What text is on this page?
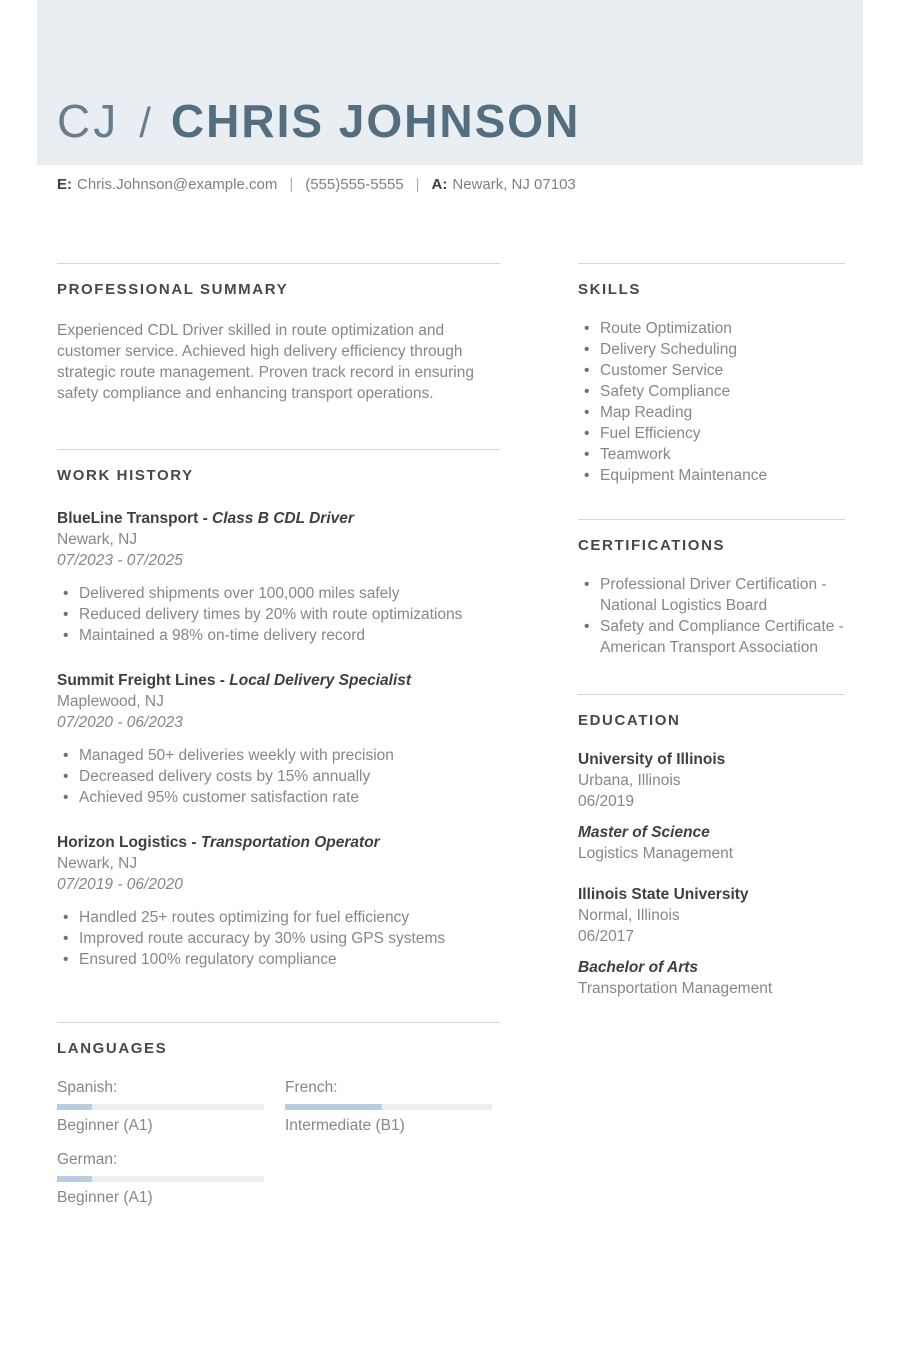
CJ / CHRIS JOHNSON
E: Chris.Johnson@example.com | (555)555-5555 | A: Newark, NJ 07103
PROFESSIONAL SUMMARY

Experienced CDL Driver skilled in route optimization and customer service. Achieved high delivery efficiency through strategic route management. Proven track record in ensuring safety compliance and enhancing transport operations.

WORK HISTORY
BlueLine Transport - Class B CDL Driver
Newark, NJ
07/2023 - 07/2025
• Delivered shipments over 100,000 miles safely
• Reduced delivery times by 20% with route optimizations
• Maintained a 98% on-time delivery record
Summit Freight Lines - Local Delivery Specialist
Maplewood, NJ
07/2020 - 06/2023
• Managed 50+ deliveries weekly with precision
• Decreased delivery costs by 15% annually
• Achieved 95% customer satisfaction rate
Horizon Logistics - Transportation Operator
Newark, NJ
07/2019 - 06/2020
• Handled 25+ routes optimizing for fuel efficiency
• Improved route accuracy by 30% using GPS systems
• Ensured 100% regulatory compliance
LANGUAGES
Spanish:
Beginner (A1)
French:
Intermediate (B1)
German:
Beginner (A1)
SKILLS
• Route Optimization
• Delivery Scheduling
• Customer Service
• Safety Compliance
• Map Reading
• Fuel Efficiency
• Teamwork
• Equipment Maintenance
CERTIFICATIONS
• Professional Driver Certification - National Logistics Board
• Safety and Compliance Certificate - American Transport Association
EDUCATION
University of Illinois
Urbana, Illinois
06/2019
Master of Science
Logistics Management
Illinois State University
Normal, Illinois
06/2017
Bachelor of Arts
Transportation Management
